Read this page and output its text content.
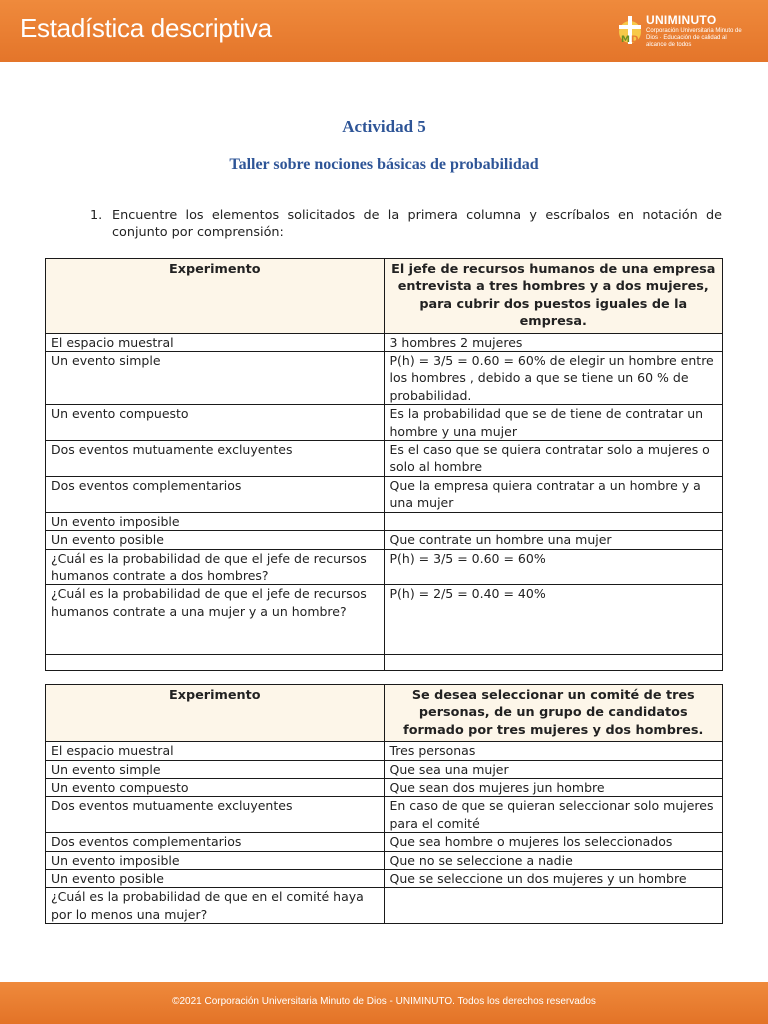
Estadística descriptiva	M D
UNIMINUTO
Corporación Universitaria Minuto de Dios · Educación de calidad al alcance de todos
Actividad 5
Taller sobre nociones básicas de probabilidad
1. Encuentre los elementos solicitados de la primera columna y escríbalos en notación de conjunto por comprensión:
Experimento	El jefe de recursos humanos de una empresa entrevista a tres hombres y a dos mujeres, para cubrir dos puestos iguales de la empresa.
El espacio muestral	3 hombres 2 mujeres
Un evento simple	P(h) = 3/5 = 0.60 = 60% de elegir un hombre entre los hombres , debido a que se tiene un 60 % de probabilidad.
Un evento compuesto	Es la probabilidad que se de tiene de contratar un hombre y una mujer
Dos eventos mutuamente excluyentes	Es el caso que se quiera contratar solo a mujeres o solo al hombre
Dos eventos complementarios	Que la empresa quiera contratar a un hombre y a una mujer
Un evento imposible	
Un evento posible	Que contrate un hombre una mujer
¿Cuál es la probabilidad de que el jefe de recursos humanos contrate a dos hombres?	P(h) = 3/5 = 0.60 = 60%
¿Cuál es la probabilidad de que el jefe de recursos humanos contrate a una mujer y a un hombre?	P(h) = 2/5 = 0.40 = 40%

Experimento	Se desea seleccionar un comité de tres personas, de un grupo de candidatos formado por tres mujeres y dos hombres.
El espacio muestral	Tres personas
Un evento simple	Que sea una mujer
Un evento compuesto	Que sean dos mujeres jun hombre
Dos eventos mutuamente excluyentes	En caso de que se quieran seleccionar solo mujeres para el comité
Dos eventos complementarios	Que sea hombre o mujeres los seleccionados
Un evento imposible	Que no se seleccione a nadie
Un evento posible	Que se seleccione un dos mujeres y un hombre
¿Cuál es la probabilidad de que en el comité haya por lo menos una mujer?	
©2021 Corporación Universitaria Minuto de Dios - UNIMINUTO. Todos los derechos reservados
